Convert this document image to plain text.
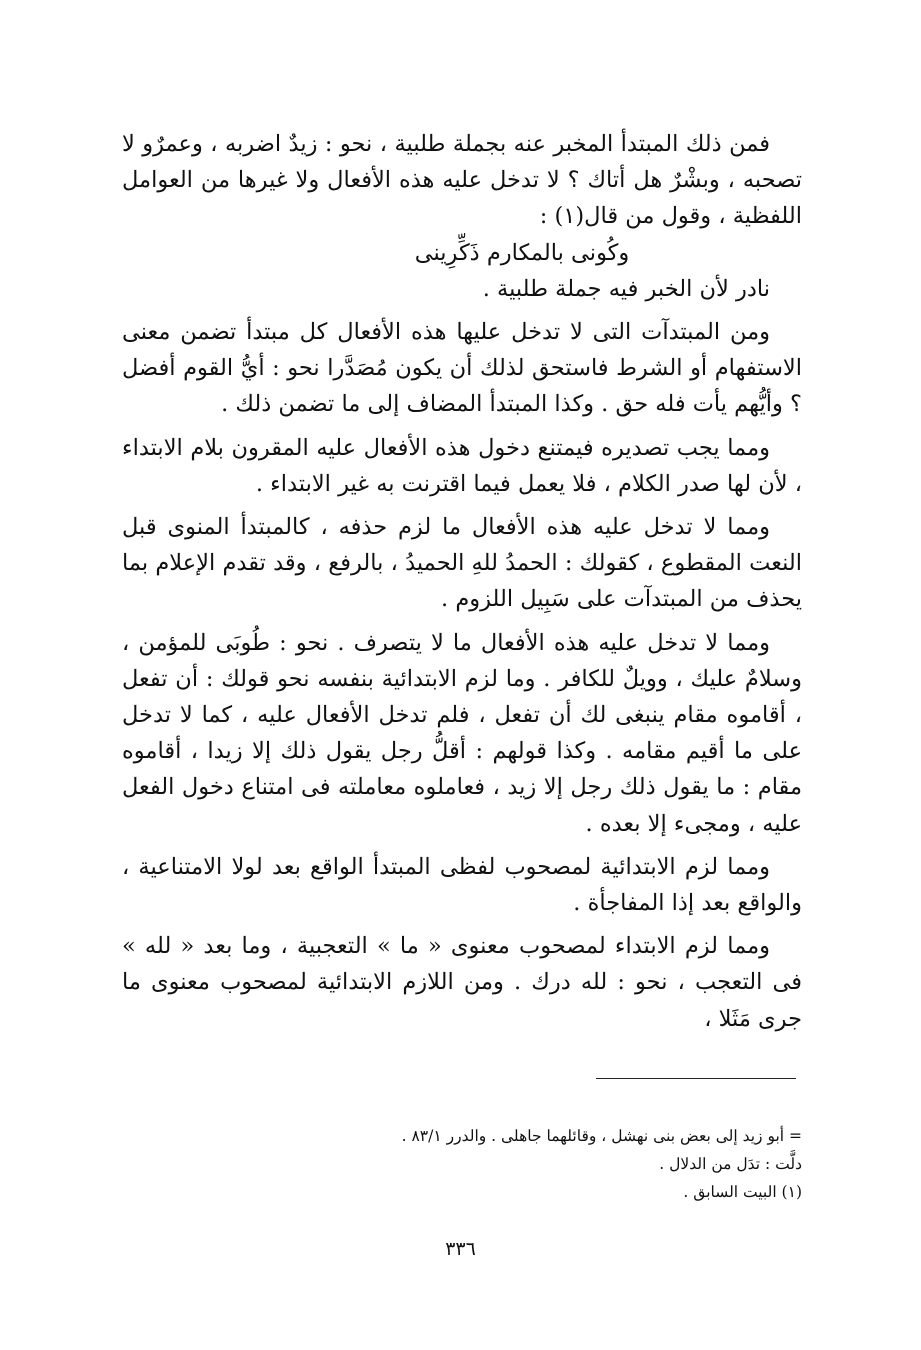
فمن ذلك المبتدأ المخبر عنه بجملة طلبية ، نحو : زيدٌ اضربه ، وعمرٌو لا تصحبه ، وبشْرٌ هل أتاك ؟ لا تدخل عليه هذه الأفعال ولا غيرها من العوامل اللفظية ، وقول من قال(١) :

وكُونى بالمكارم ذَكِّرِينى

نادر لأن الخبر فيه جملة طلبية .

ومن المبتدآت التى لا تدخل عليها هذه الأفعال كل مبتدأ تضمن معنى الاستفهام أو الشرط فاستحق لذلك أن يكون مُصَدَّرا نحو : أيُّ القوم أفضل ؟ وأيُّهم يأت فله حق . وكذا المبتدأ المضاف إلى ما تضمن ذلك .

ومما يجب تصديره فيمتنع دخول هذه الأفعال عليه المقرون بلام الابتداء ، لأن لها صدر الكلام ، فلا يعمل فيما اقترنت به غير الابتداء .

ومما لا تدخل عليه هذه الأفعال ما لزم حذفه ، كالمبتدأ المنوى قبل النعت المقطوع ، كقولك : الحمدُ للهِ الحميدُ ، بالرفع ، وقد تقدم الإعلام بما يحذف من المبتدآت على سَبِيل اللزوم .

ومما لا تدخل عليه هذه الأفعال ما لا يتصرف . نحو : طُوبَى للمؤمن ، وسلامٌ عليك ، وويلٌ للكافر . وما لزم الابتدائية بنفسه نحو قولك : أن تفعل ، أقاموه مقام ينبغى لك أن تفعل ، فلم تدخل الأفعال عليه ، كما لا تدخل على ما أقيم مقامه . وكذا قولهم : أقلُّ رجل يقول ذلك إلا زيدا ، أقاموه مقام : ما يقول ذلك رجل إلا زيد ، فعاملوه معاملته فى امتناع دخول الفعل عليه ، ومجىء إلا بعده .

ومما لزم الابتدائية لمصحوب لفظى المبتدأ الواقع بعد لولا الامتناعية ، والواقع بعد إذا المفاجأة .

ومما لزم الابتداء لمصحوب معنوى « ما » التعجبية ، وما بعد « لله » فى التعجب ، نحو : لله درك . ومن اللازم الابتدائية لمصحوب معنوى ما جرى مَثَلا ،

= أبو زيد إلى بعض بنى نهشل ، وقائلهما جاهلى . والدرر ٨٣/١ .

دلَّت : تدَل من الدلال .

(١) البيت السابق .

٣٣٦
